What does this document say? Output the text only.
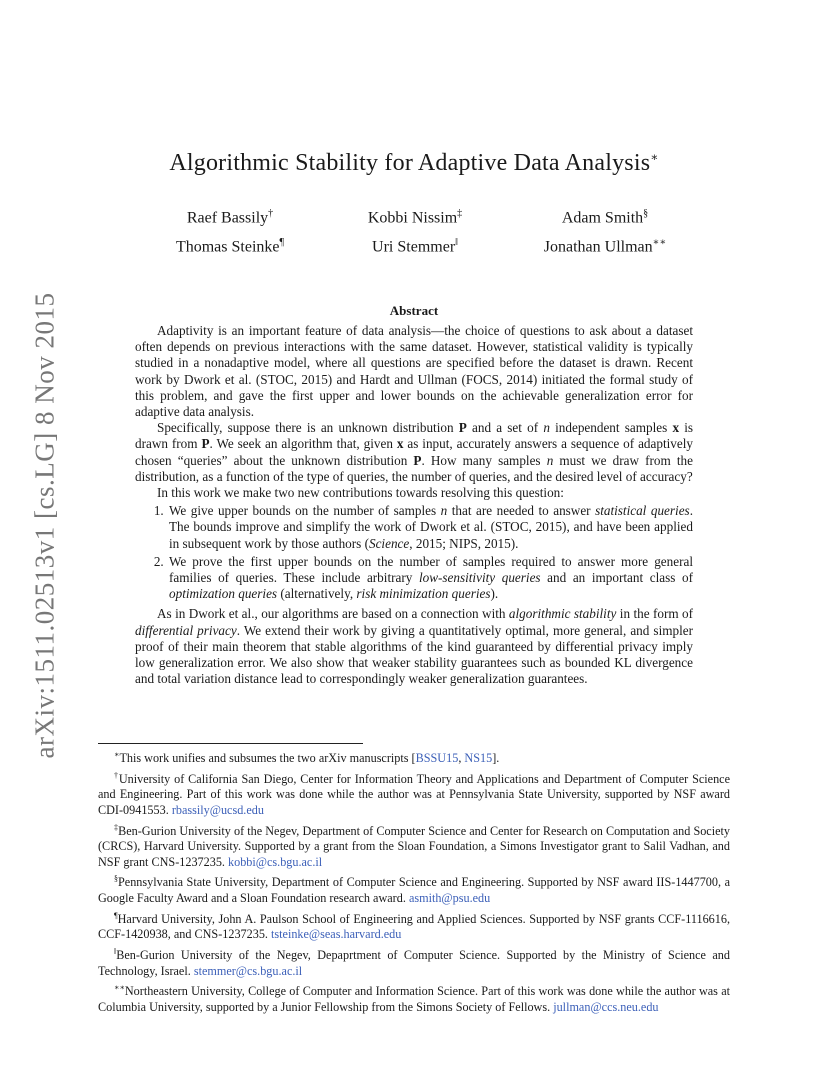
arXiv:1511.02513v1 [cs.LG] 8 Nov 2015
Algorithmic Stability for Adaptive Data Analysis∗
Raef Bassily†	Kobbi Nissim‡	Adam Smith§
Thomas Steinke¶	Uri Stemmer‖	Jonathan Ullman∗∗
Abstract

Adaptivity is an important feature of data analysis—the choice of questions to ask about a dataset often depends on previous interactions with the same dataset. However, statistical validity is typically studied in a nonadaptive model, where all questions are specified before the dataset is drawn. Recent work by Dwork et al. (STOC, 2015) and Hardt and Ullman (FOCS, 2014) initiated the formal study of this problem, and gave the first upper and lower bounds on the achievable generalization error for adaptive data analysis.

Specifically, suppose there is an unknown distribution P and a set of n independent samples x is drawn from P. We seek an algorithm that, given x as input, accurately answers a sequence of adaptively chosen “queries” about the unknown distribution P. How many samples n must we draw from the distribution, as a function of the type of queries, the number of queries, and the desired level of accuracy?

In this work we make two new contributions towards resolving this question:

1. We give upper bounds on the number of samples n that are needed to answer statistical queries. The bounds improve and simplify the work of Dwork et al. (STOC, 2015), and have been applied in subsequent work by those authors (Science, 2015; NIPS, 2015).
2. We prove the first upper bounds on the number of samples required to answer more general families of queries. These include arbitrary low-sensitivity queries and an important class of optimization queries (alternatively, risk minimization queries).

As in Dwork et al., our algorithms are based on a connection with algorithmic stability in the form of differential privacy. We extend their work by giving a quantitatively optimal, more general, and simpler proof of their main theorem that stable algorithms of the kind guaranteed by differential privacy imply low generalization error. We also show that weaker stability guarantees such as bounded KL divergence and total variation distance lead to correspondingly weaker generalization guarantees.

∗This work unifies and subsumes the two arXiv manuscripts [BSSU15, NS15].

†University of California San Diego, Center for Information Theory and Applications and Department of Computer Science and Engineering. Part of this work was done while the author was at Pennsylvania State University, supported by NSF award CDI-0941553. rbassily@ucsd.edu

‡Ben-Gurion University of the Negev, Department of Computer Science and Center for Research on Computation and Society (CRCS), Harvard University. Supported by a grant from the Sloan Foundation, a Simons Investigator grant to Salil Vadhan, and NSF grant CNS-1237235. kobbi@cs.bgu.ac.il

§Pennsylvania State University, Department of Computer Science and Engineering. Supported by NSF award IIS-1447700, a Google Faculty Award and a Sloan Foundation research award. asmith@psu.edu

¶Harvard University, John A. Paulson School of Engineering and Applied Sciences. Supported by NSF grants CCF-1116616, CCF-1420938, and CNS-1237235. tsteinke@seas.harvard.edu

‖Ben-Gurion University of the Negev, Depaprtment of Computer Science. Supported by the Ministry of Science and Technology, Israel. stemmer@cs.bgu.ac.il

∗∗Northeastern University, College of Computer and Information Science. Part of this work was done while the author was at Columbia University, supported by a Junior Fellowship from the Simons Society of Fellows. jullman@ccs.neu.edu
